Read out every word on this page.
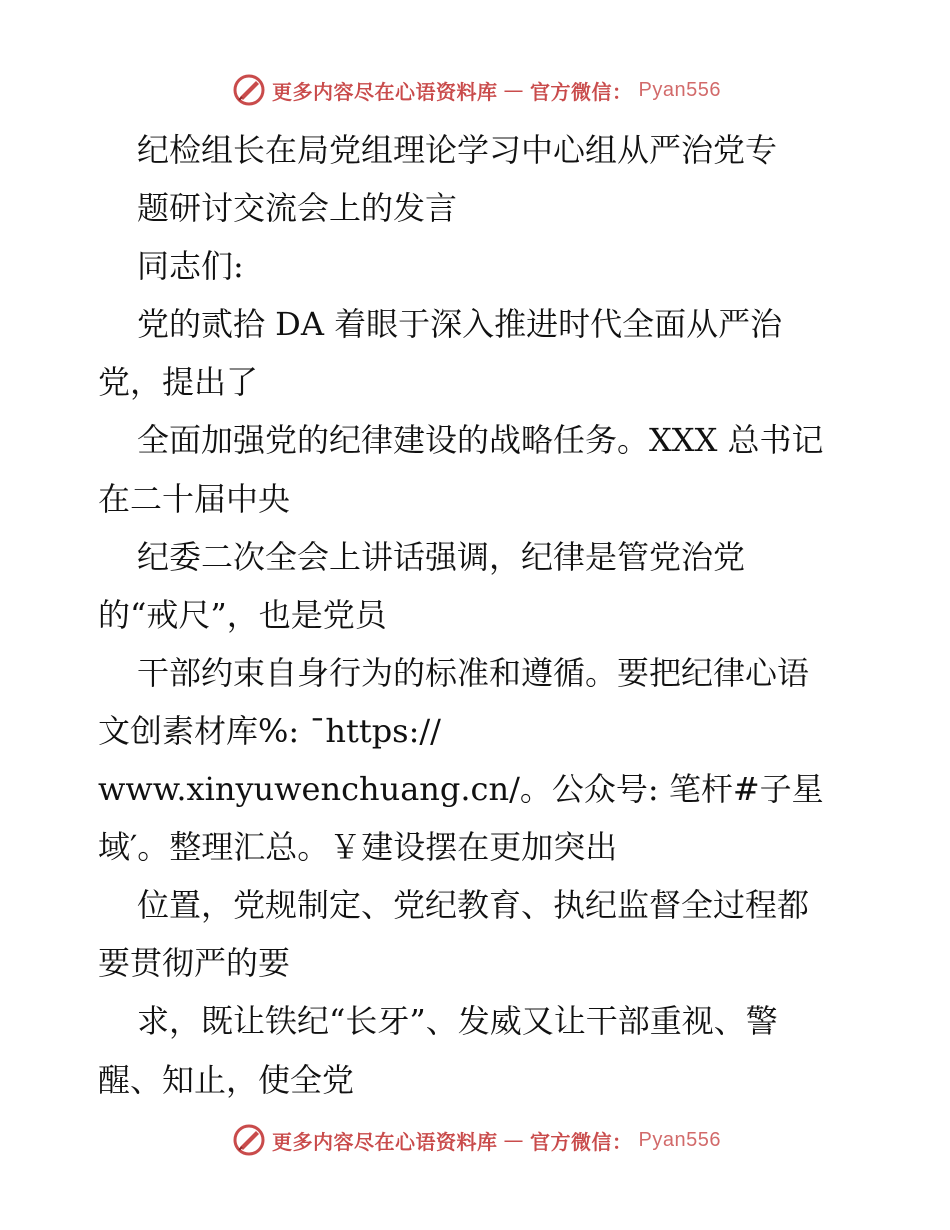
更多内容尽在心语资料库 — 官方微信： Pyan556
纪检组长在局党组理论学习中心组从严治党专
题研讨交流会上的发言
同志们:
党的贰拾 DA 着眼于深入推进时代全面从严治
党，提出了
全面加强党的纪律建设的战略任务。XXX 总书记
在二十届中央
纪委二次全会上讲话强调，纪律是管党治党
的“戒尺”，也是党员
干部约束自身行为的标准和遵循。要把纪律心语
文创素材库%: ¯https://
www.xinyuwenchuang.cn/。公众号: 笔杆#子星
域′。整理汇总。￥建设摆在更加突出
位置，党规制定、党纪教育、执纪监督全过程都
要贯彻严的要
求，既让铁纪“长牙”、发威又让干部重视、警
醒、知止，使全党
更多内容尽在心语资料库 — 官方微信： Pyan556
